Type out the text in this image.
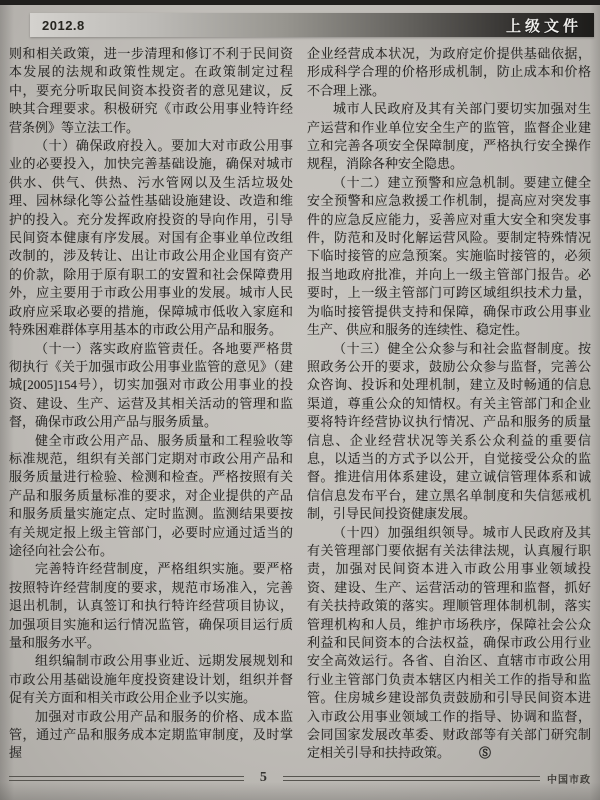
2012.8	上级文件

则和相关政策，进一步清理和修订不利于民间资本发展的法规和政策性规定。在政策制定过程中，要充分听取民间资本投资者的意见建议，反映其合理要求。积极研究《市政公用事业特许经营条例》等立法工作。

（十）确保政府投入。要加大对市政公用事业的必要投入，加快完善基础设施，确保对城市供水、供气、供热、污水管网以及生活垃圾处理、园林绿化等公益性基础设施建设、改造和维护的投入。充分发挥政府投资的导向作用，引导民间资本健康有序发展。对国有企事业单位改组改制的，涉及转让、出让市政公用企业国有资产的价款，除用于原有职工的安置和社会保障费用外，应主要用于市政公用事业的发展。城市人民政府应采取必要的措施，保障城市低收入家庭和特殊困难群体享用基本的市政公用产品和服务。

（十一）落实政府监管责任。各地要严格贯彻执行《关于加强市政公用事业监管的意见》（建城[2005]154号），切实加强对市政公用事业的投资、建设、生产、运营及其相关活动的管理和监督，确保市政公用产品与服务质量。

健全市政公用产品、服务质量和工程验收等标准规范，组织有关部门定期对市政公用产品和服务质量进行检验、检测和检查。严格按照有关产品和服务质量标准的要求，对企业提供的产品和服务质量实施定点、定时监测。监测结果要按有关规定报上级主管部门，必要时应通过适当的途径向社会公布。

完善特许经营制度，严格组织实施。要严格按照特许经营制度的要求，规范市场准入，完善退出机制，认真签订和执行特许经营项目协议，加强项目实施和运行情况监管，确保项目运行质量和服务水平。

组织编制市政公用事业近、远期发展规划和市政公用基础设施年度投资建设计划，组织并督促有关方面和相关市政公用企业予以实施。

加强对市政公用产品和服务的价格、成本监管，通过产品和服务成本定期监审制度，及时掌握

企业经营成本状况，为政府定价提供基础依据，形成科学合理的价格形成机制，防止成本和价格不合理上涨。

城市人民政府及其有关部门要切实加强对生产运营和作业单位安全生产的监管，监督企业建立和完善各项安全保障制度，严格执行安全操作规程，消除各种安全隐患。

（十二）建立预警和应急机制。要建立健全安全预警和应急救援工作机制，提高应对突发事件的应急反应能力，妥善应对重大安全和突发事件，防范和及时化解运营风险。要制定特殊情况下临时接管的应急预案。实施临时接管的，必须报当地政府批准，并向上一级主管部门报告。必要时，上一级主管部门可跨区域组织技术力量，为临时接管提供支持和保障，确保市政公用事业生产、供应和服务的连续性、稳定性。

（十三）健全公众参与和社会监督制度。按照政务公开的要求，鼓励公众参与监督，完善公众咨询、投诉和处理机制，建立及时畅通的信息渠道，尊重公众的知情权。有关主管部门和企业要将特许经营协议执行情况、产品和服务的质量信息、企业经营状况等关系公众利益的重要信息，以适当的方式予以公开，自觉接受公众的监督。推进信用体系建设，建立诚信管理体系和诚信信息发布平台，建立黑名单制度和失信惩戒机制，引导民间投资健康发展。

（十四）加强组织领导。城市人民政府及其有关管理部门要依据有关法律法规，认真履行职责，加强对民间资本进入市政公用事业领域投资、建设、生产、运营活动的管理和监督，抓好有关扶持政策的落实。理顺管理体制机制，落实管理机构和人员，维护市场秩序，保障社会公众利益和民间资本的合法权益，确保市政公用行业安全高效运行。各省、自治区、直辖市市政公用行业主管部门负责本辖区内相关工作的指导和监管。住房城乡建设部负责鼓励和引导民间资本进入市政公用事业领域工作的指导、协调和监督，会同国家发展改革委、财政部等有关部门研究制定相关引导和扶持政策。 Ⓢ

5	中国市政
